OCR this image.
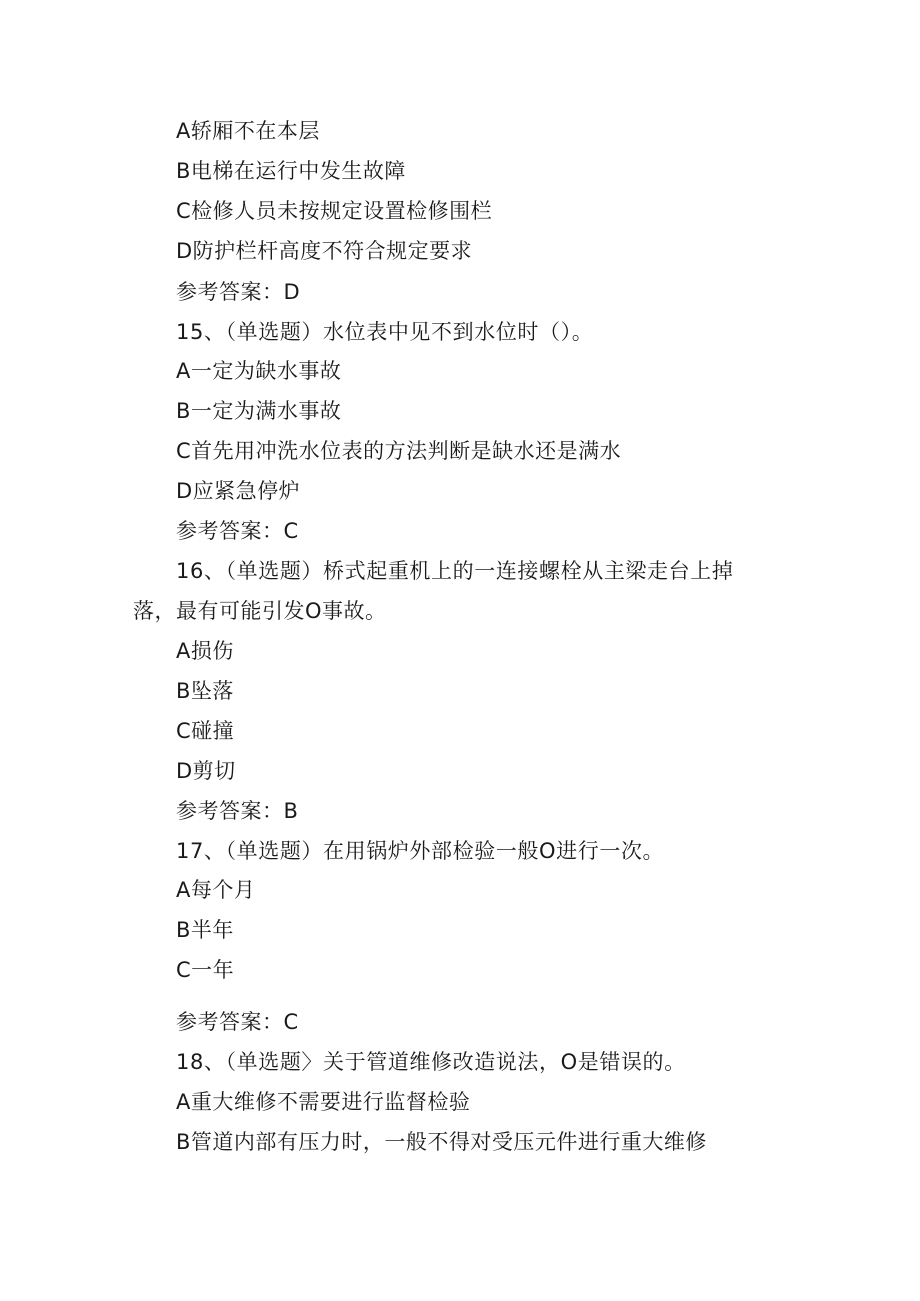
A轿厢不在本层
B电梯在运行中发生故障
C检修人员未按规定设置检修围栏
D防护栏杆高度不符合规定要求
参考答案：D
15、（单选题）水位表中见不到水位时（）。
A一定为缺水事故
B一定为满水事故
C首先用冲洗水位表的方法判断是缺水还是满水
D应紧急停炉
参考答案：C
16、（单选题）桥式起重机上的一连接螺栓从主梁走台上掉
落，最有可能引发O事故。
A损伤
B坠落
C碰撞
D剪切
参考答案：B
17、（单选题）在用锅炉外部检验一般O进行一次。
A每个月
B半年
C一年
参考答案：C
18、（单选题〉关于管道维修改造说法，O是错误的。
A重大维修不需要进行监督检验
B管道内部有压力时，一般不得对受压元件进行重大维修
